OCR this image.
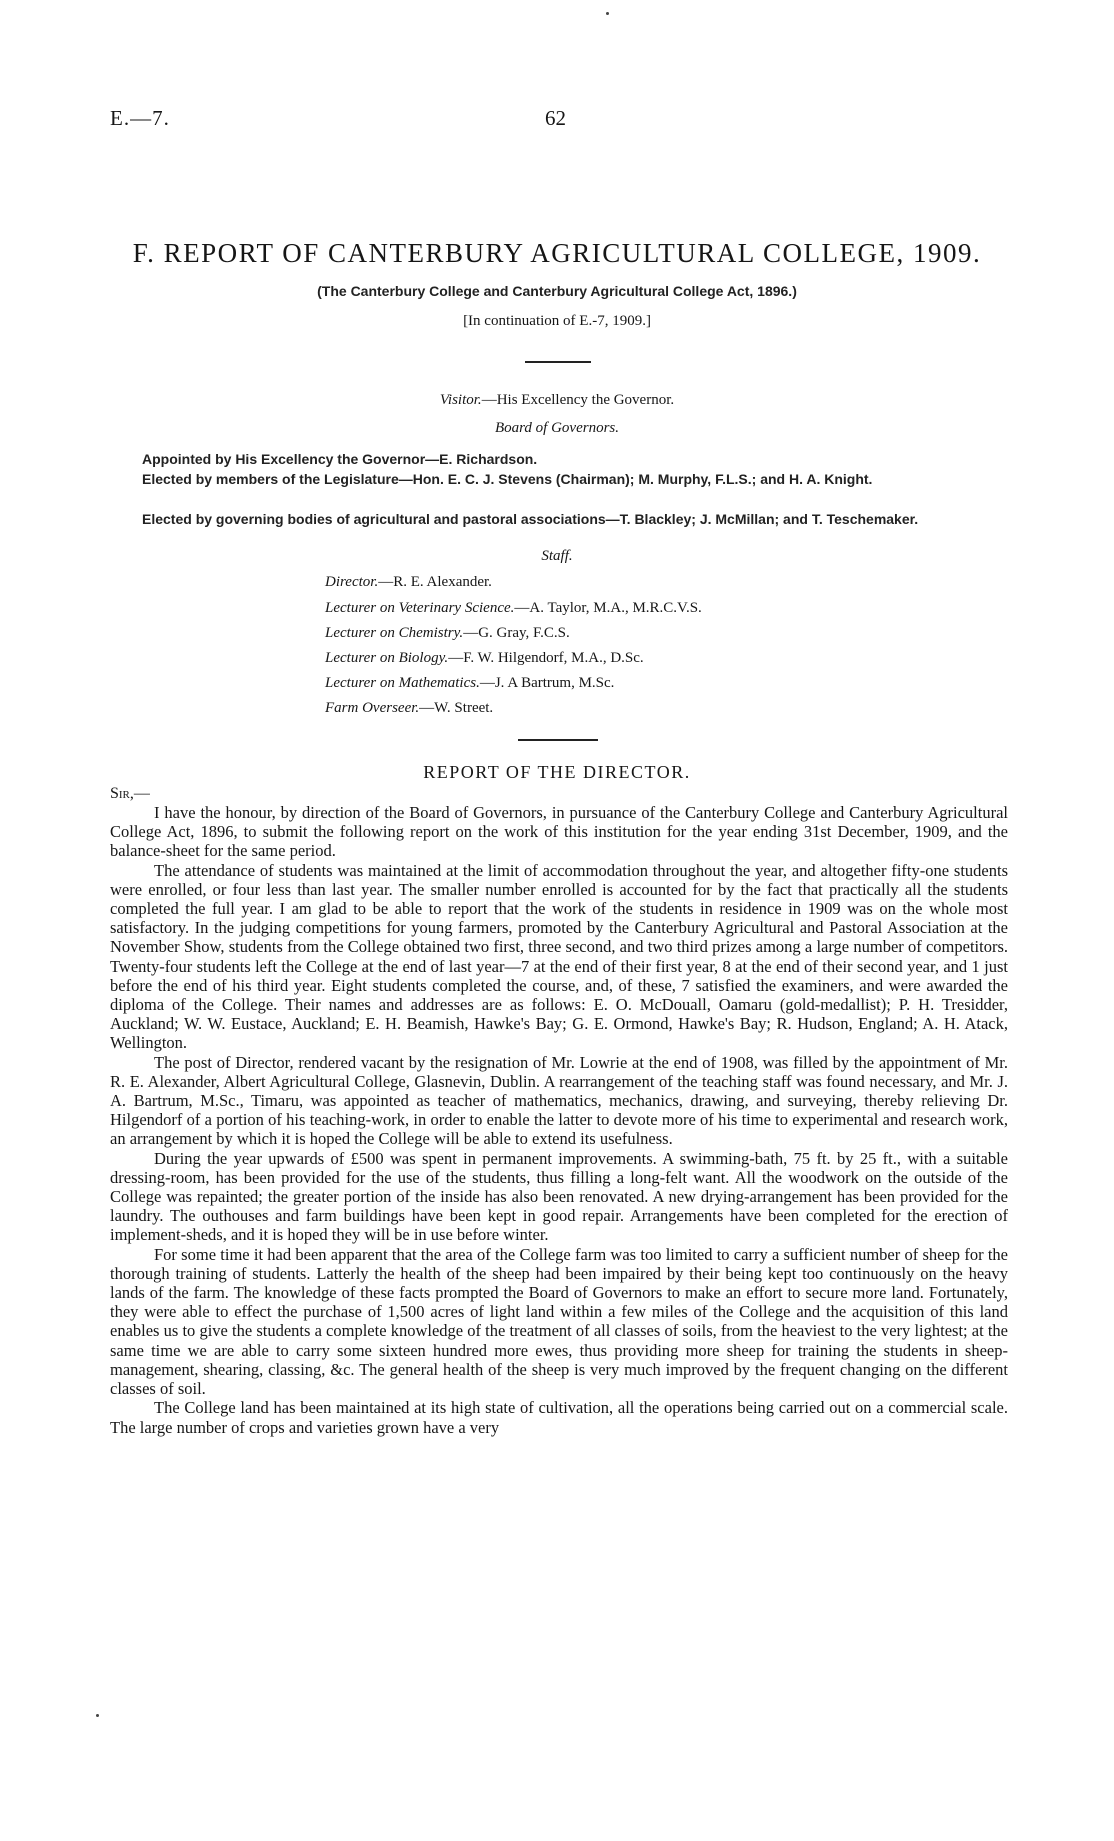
E.—7.	62
F. REPORT OF CANTERBURY AGRICULTURAL COLLEGE, 1909.
(The Canterbury College and Canterbury Agricultural College Act, 1896.)
[In continuation of E.-7, 1909.]
Visitor.—His Excellency the Governor.
Board of Governors.
Appointed by His Excellency the Governor—E. Richardson.
Elected by members of the Legislature—Hon. E. C. J. Stevens (Chairman); M. Murphy, F.L.S.; and H. A. Knight.
Elected by governing bodies of agricultural and pastoral associations—T. Blackley; J. McMillan; and T. Teschemaker.
Staff.
Director.—R. E. Alexander.
Lecturer on Veterinary Science.—A. Taylor, M.A., M.R.C.V.S.
Lecturer on Chemistry.—G. Gray, F.C.S.
Lecturer on Biology.—F. W. Hilgendorf, M.A., D.Sc.
Lecturer on Mathematics.—J. A Bartrum, M.Sc.
Farm Overseer.—W. Street.
REPORT OF THE DIRECTOR.
Sir,—

I have the honour, by direction of the Board of Governors, in pursuance of the Canterbury College and Canterbury Agricultural College Act, 1896, to submit the following report on the work of this institution for the year ending 31st December, 1909, and the balance-sheet for the same period.

The attendance of students was maintained at the limit of accommodation throughout the year, and altogether fifty-one students were enrolled, or four less than last year. The smaller number enrolled is accounted for by the fact that practically all the students completed the full year. I am glad to be able to report that the work of the students in residence in 1909 was on the whole most satisfactory. In the judging competitions for young farmers, promoted by the Canterbury Agricultural and Pastoral Association at the November Show, students from the College obtained two first, three second, and two third prizes among a large number of competitors. Twenty-four students left the College at the end of last year—7 at the end of their first year, 8 at the end of their second year, and 1 just before the end of his third year. Eight students completed the course, and, of these, 7 satisfied the examiners, and were awarded the diploma of the College. Their names and addresses are as follows: E. O. McDouall, Oamaru (gold-medallist); P. H. Tresidder, Auckland; W. W. Eustace, Auckland; E. H. Beamish, Hawke's Bay; G. E. Ormond, Hawke's Bay; R. Hudson, England; A. H. Atack, Wellington.

The post of Director, rendered vacant by the resignation of Mr. Lowrie at the end of 1908, was filled by the appointment of Mr. R. E. Alexander, Albert Agricultural College, Glasnevin, Dublin. A rearrangement of the teaching staff was found necessary, and Mr. J. A. Bartrum, M.Sc., Timaru, was appointed as teacher of mathematics, mechanics, drawing, and surveying, thereby relieving Dr. Hilgendorf of a portion of his teaching-work, in order to enable the latter to devote more of his time to experimental and research work, an arrangement by which it is hoped the College will be able to extend its usefulness.

During the year upwards of £500 was spent in permanent improvements. A swimming-bath, 75 ft. by 25 ft., with a suitable dressing-room, has been provided for the use of the students, thus filling a long-felt want. All the woodwork on the outside of the College was repainted; the greater portion of the inside has also been renovated. A new drying-arrangement has been provided for the laundry. The outhouses and farm buildings have been kept in good repair. Arrangements have been completed for the erection of implement-sheds, and it is hoped they will be in use before winter.

For some time it had been apparent that the area of the College farm was too limited to carry a sufficient number of sheep for the thorough training of students. Latterly the health of the sheep had been impaired by their being kept too continuously on the heavy lands of the farm. The knowledge of these facts prompted the Board of Governors to make an effort to secure more land. Fortunately, they were able to effect the purchase of 1,500 acres of light land within a few miles of the College and the acquisition of this land enables us to give the students a complete knowledge of the treatment of all classes of soils, from the heaviest to the very lightest; at the same time we are able to carry some sixteen hundred more ewes, thus providing more sheep for training the students in sheep-management, shearing, classing, &c. The general health of the sheep is very much improved by the frequent changing on the different classes of soil.

The College land has been maintained at its high state of cultivation, all the operations being carried out on a commercial scale. The large number of crops and varieties grown have a very
